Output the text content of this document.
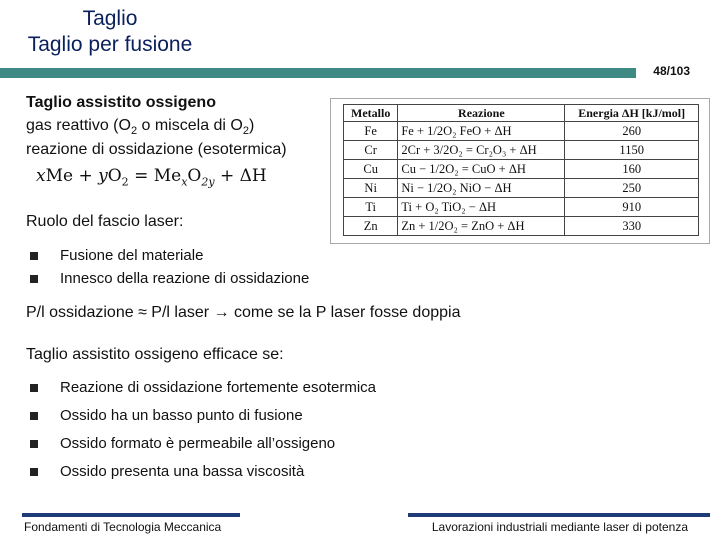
Taglio
Taglio per fusione
48/103
Taglio assistito ossigeno
gas reattivo ($O_2$ o miscela di $O_2$)
reazione di ossidazione (esotermica)
xMe + $yO_2 = Me_xO_{2y} + \Delta H$
Ruolo del fascio laser:
Fusione del materiale
Innesco della reazione di ossidazione
P/l ossidazione ≈ P/l laser → come se la P laser fosse doppia
Taglio assistito ossigeno efficace se:
Reazione di ossidazione fortemente esotermica
Ossido ha un basso punto di fusione
Ossido formato è permeabile all’ossigeno
Ossido presenta una bassa viscosità
Metallo	Reazione	Energia ΔH [kJ/mol]
Fe	Fe + 1/2O₂ FeO + ΔH	260
Cr	2Cr + 3/2O₂ = Cr₂O₃ + ΔH	1150
Cu	Cu − 1/2O₂ = CuO + ΔH	160
Ni	Ni − 1/2O₂ NiO − ΔH	250
Ti	Ti + O₂ TiO₂ − ΔH	910
Zn	Zn + 1/2O₂ = ZnO + ΔH	330
Fondamenti di Tecnologia Meccanica	Lavorazioni industriali mediante laser di potenza
